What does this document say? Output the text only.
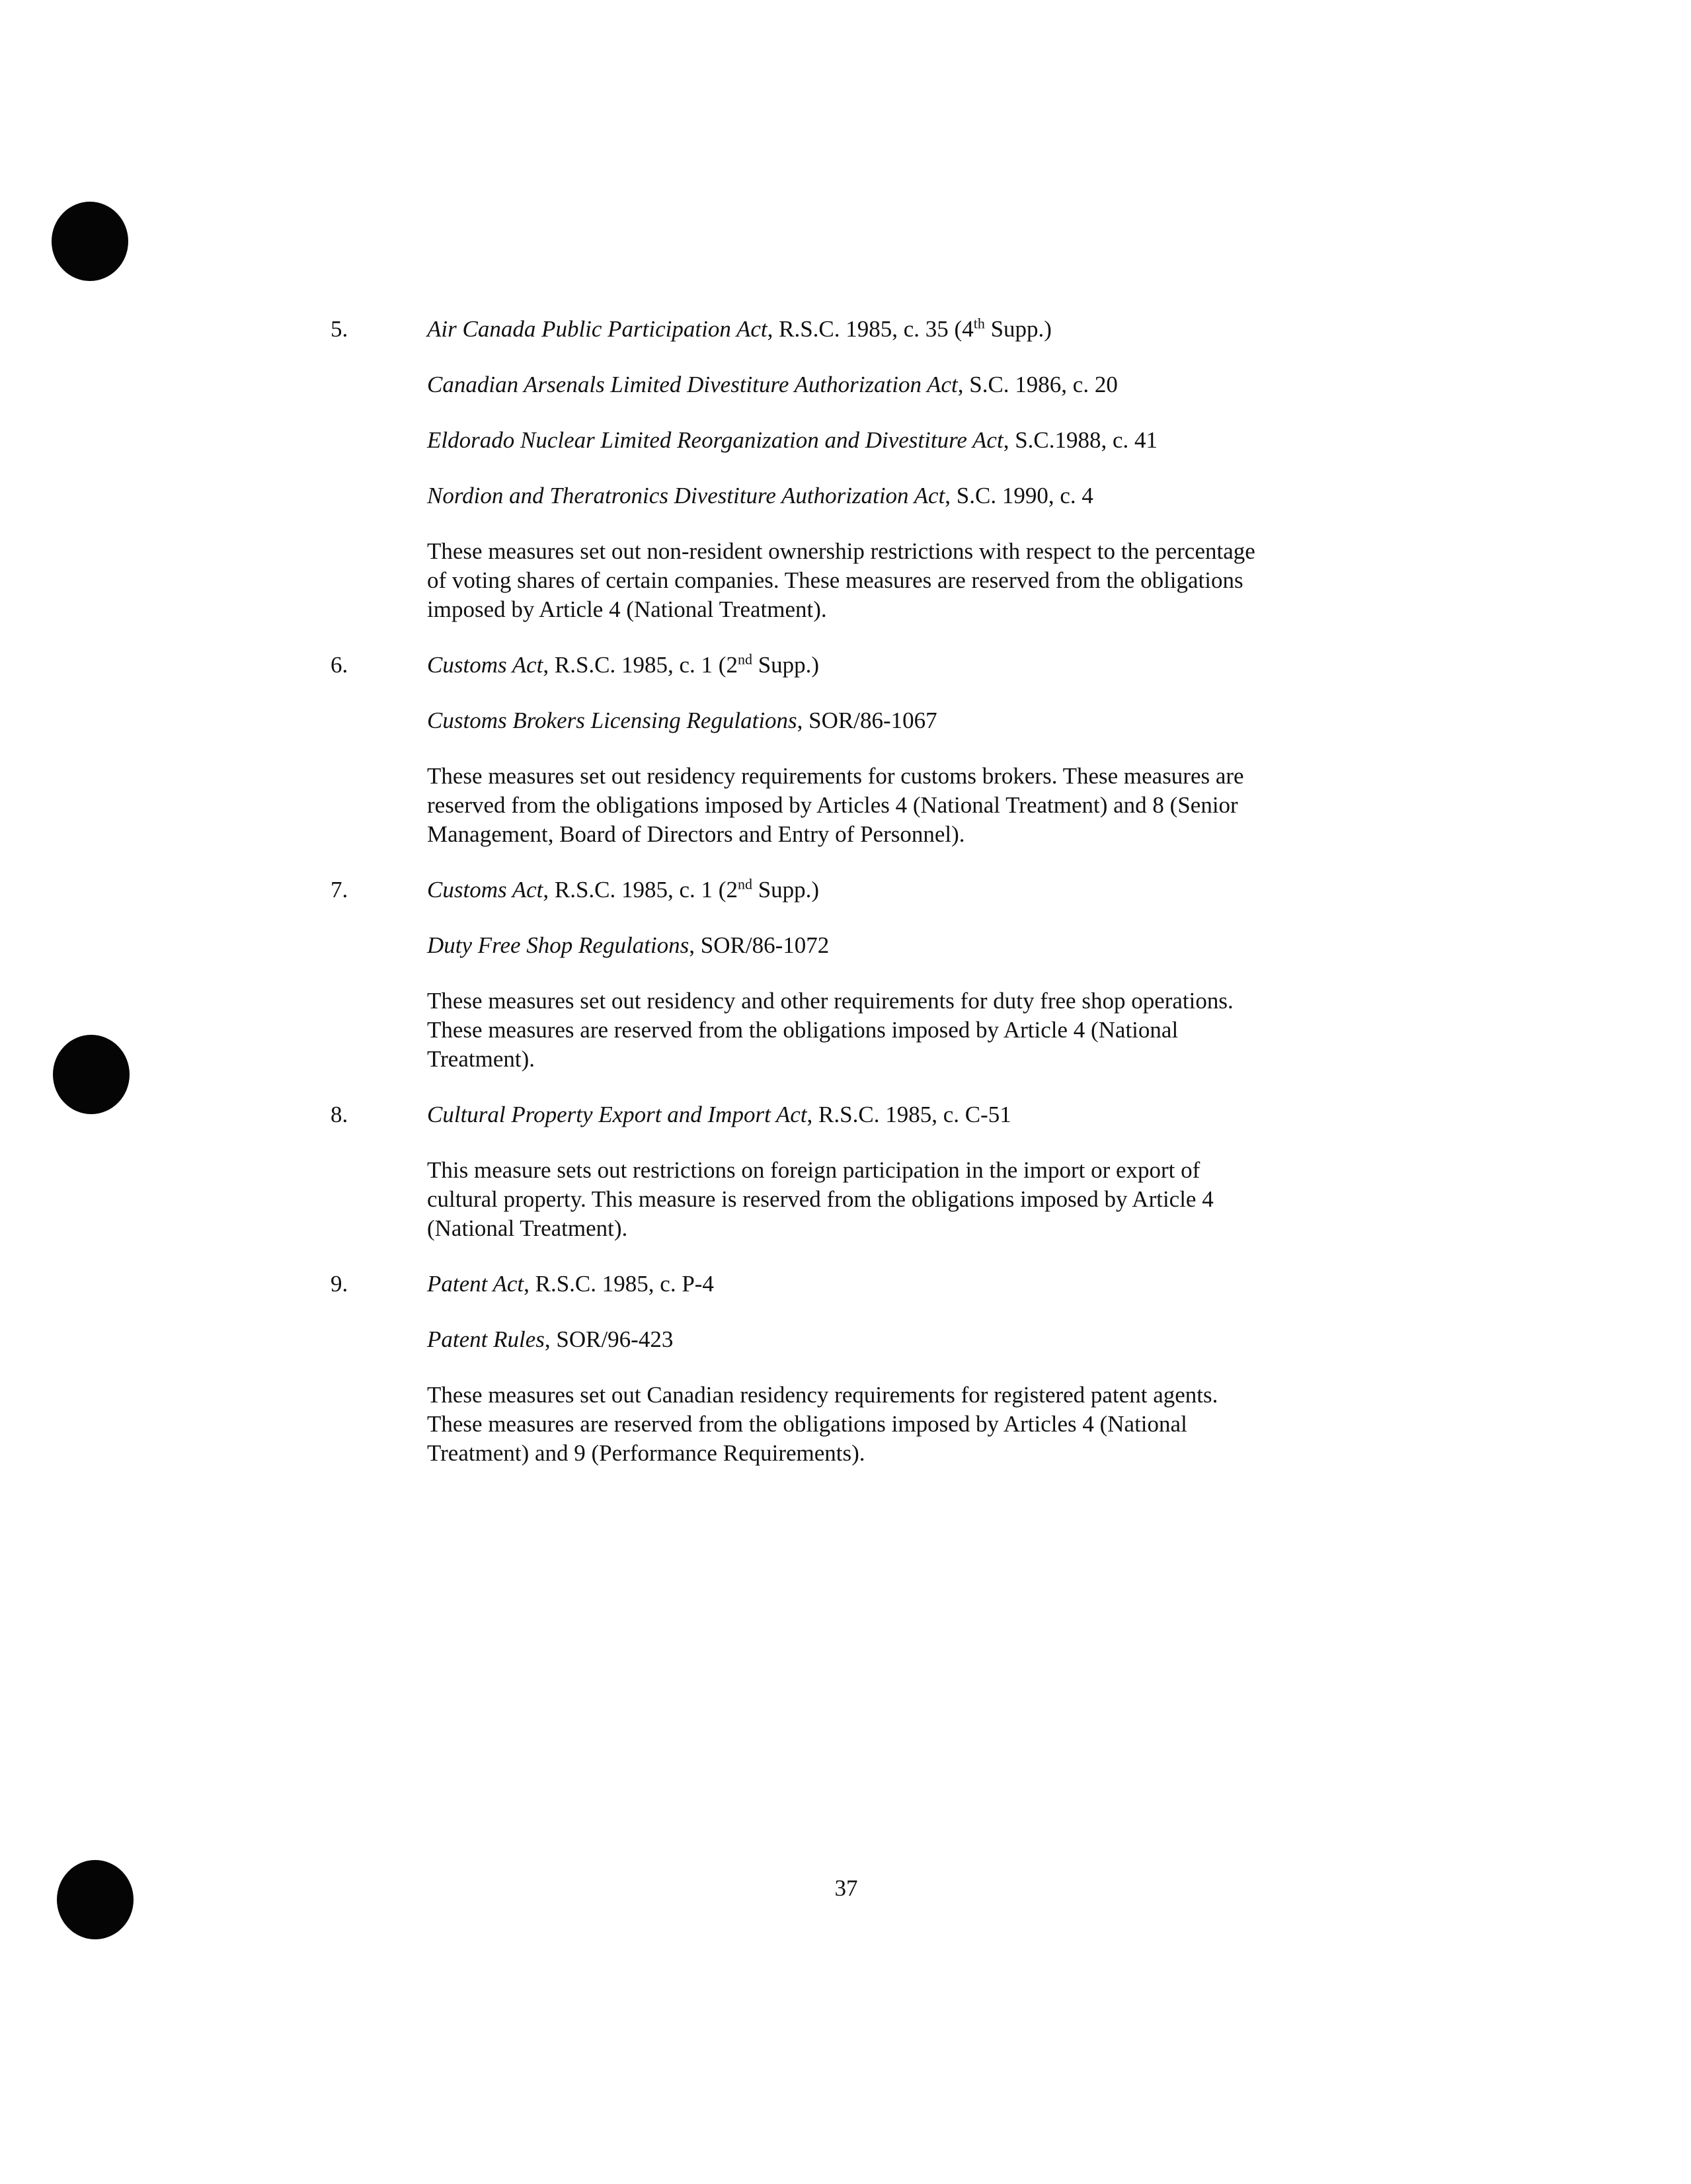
5.	Air Canada Public Participation Act, R.S.C. 1985, c. 35 (4th Supp.)
Canadian Arsenals Limited Divestiture Authorization Act, S.C. 1986, c. 20
Eldorado Nuclear Limited Reorganization and Divestiture Act, S.C.1988, c. 41
Nordion and Theratronics Divestiture Authorization Act, S.C. 1990, c. 4
These measures set out non-resident ownership restrictions with respect to the percentage
of voting shares of certain companies. These measures are reserved from the obligations
imposed by Article 4 (National Treatment).
6.	Customs Act, R.S.C. 1985, c. 1 (2nd Supp.)
Customs Brokers Licensing Regulations, SOR/86-1067
These measures set out residency requirements for customs brokers. These measures are
reserved from the obligations imposed by Articles 4 (National Treatment) and 8 (Senior
Management, Board of Directors and Entry of Personnel).
7.	Customs Act, R.S.C. 1985, c. 1 (2nd Supp.)
Duty Free Shop Regulations, SOR/86-1072
These measures set out residency and other requirements for duty free shop operations.
These measures are reserved from the obligations imposed by Article 4 (National
Treatment).
8.	Cultural Property Export and Import Act, R.S.C. 1985, c. C-51
This measure sets out restrictions on foreign participation in the import or export of
cultural property. This measure is reserved from the obligations imposed by Article 4
(National Treatment).
9.	Patent Act, R.S.C. 1985, c. P-4
Patent Rules, SOR/96-423
These measures set out Canadian residency requirements for registered patent agents.
These measures are reserved from the obligations imposed by Articles 4 (National
Treatment) and 9 (Performance Requirements).
37
